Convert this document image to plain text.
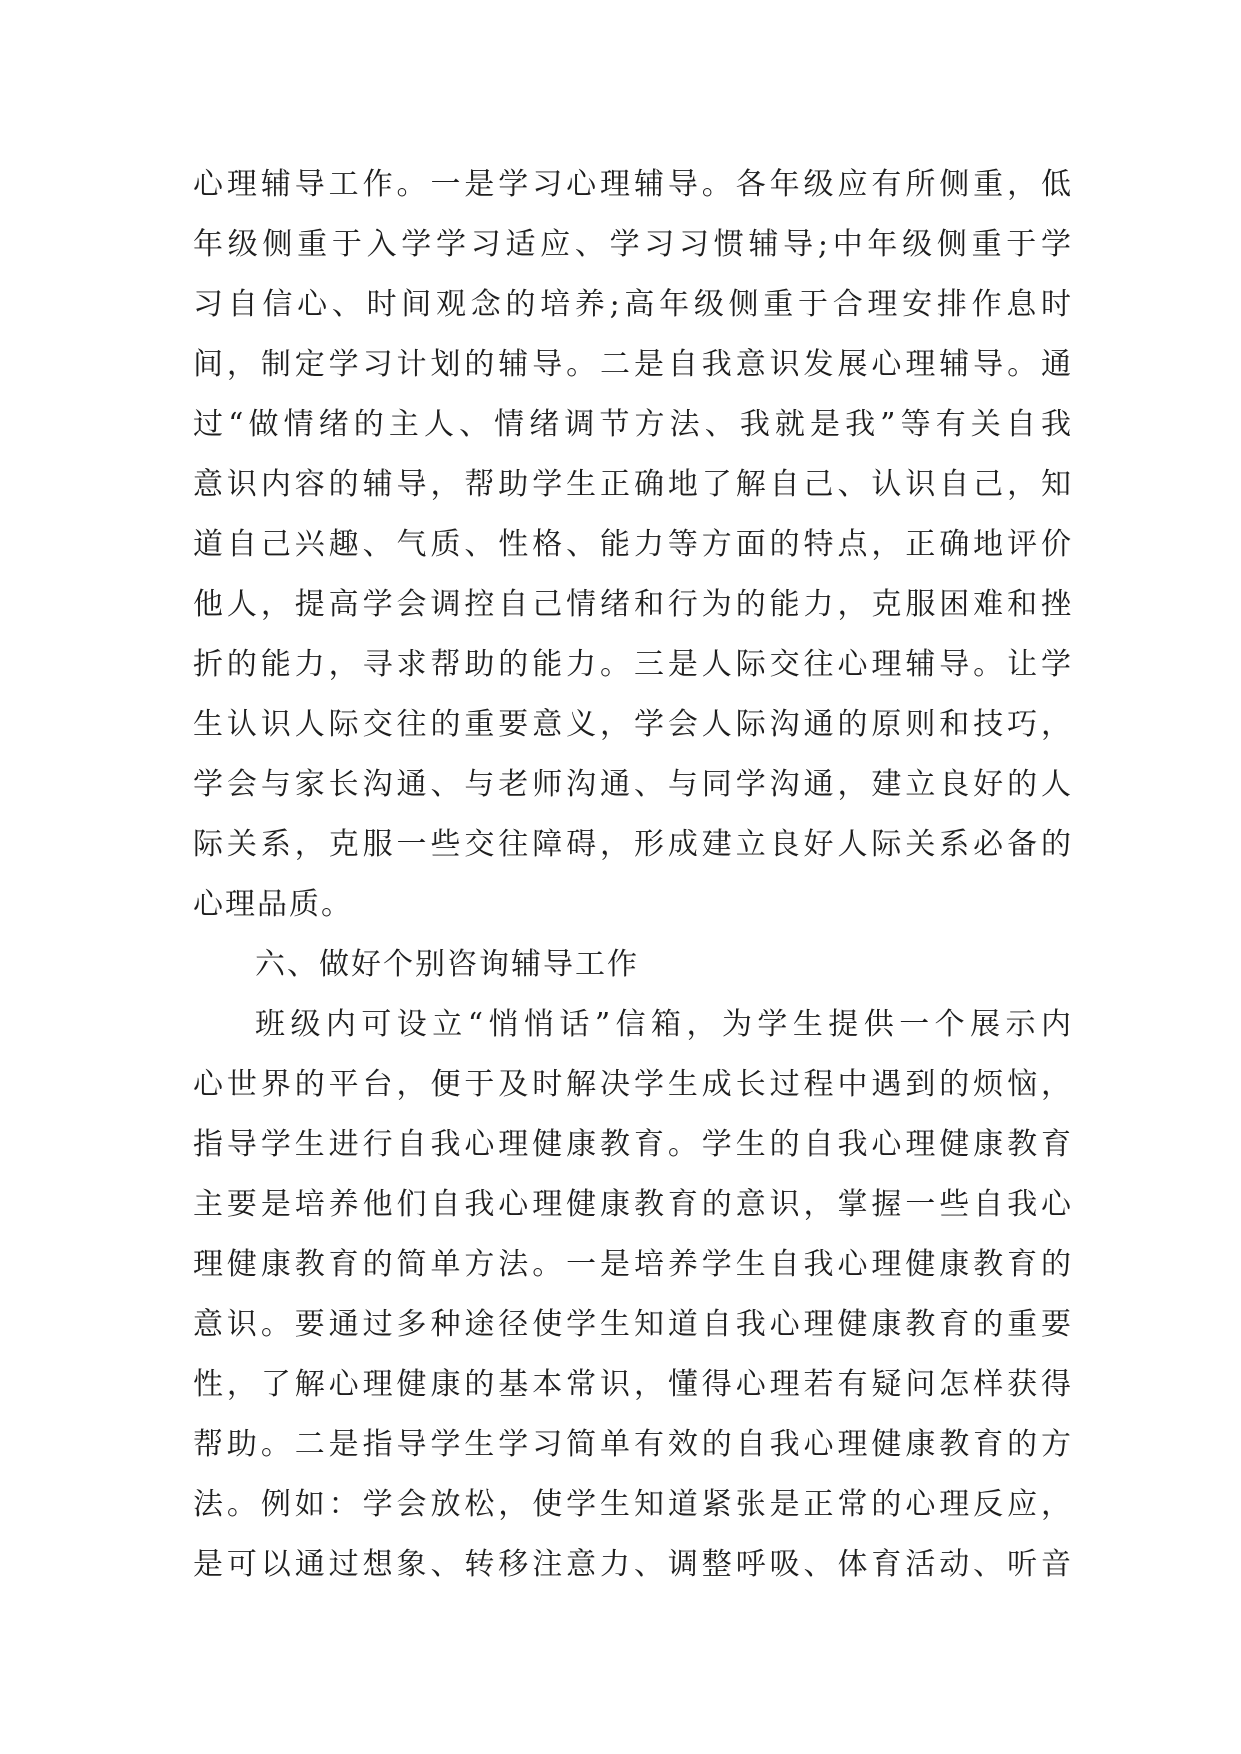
心理辅导工作。一是学习心理辅导。各年级应有所侧重，低
年级侧重于入学学习适应、学习习惯辅导;中年级侧重于学
习自信心、时间观念的培养;高年级侧重于合理安排作息时
间，制定学习计划的辅导。二是自我意识发展心理辅导。通
过“做情绪的主人、情绪调节方法、我就是我”等有关自我
意识内容的辅导，帮助学生正确地了解自己、认识自己，知
道自己兴趣、气质、性格、能力等方面的特点，正确地评价
他人，提高学会调控自己情绪和行为的能力，克服困难和挫
折的能力，寻求帮助的能力。三是人际交往心理辅导。让学
生认识人际交往的重要意义，学会人际沟通的原则和技巧，
学会与家长沟通、与老师沟通、与同学沟通，建立良好的人
际关系，克服一些交往障碍，形成建立良好人际关系必备的
心理品质。
六、做好个别咨询辅导工作
班级内可设立“悄悄话”信箱，为学生提供一个展示内
心世界的平台，便于及时解决学生成长过程中遇到的烦恼，
指导学生进行自我心理健康教育。学生的自我心理健康教育
主要是培养他们自我心理健康教育的意识，掌握一些自我心
理健康教育的简单方法。一是培养学生自我心理健康教育的
意识。要通过多种途径使学生知道自我心理健康教育的重要
性，了解心理健康的基本常识，懂得心理若有疑问怎样获得
帮助。二是指导学生学习简单有效的自我心理健康教育的方
法。例如：学会放松，使学生知道紧张是正常的心理反应，
是可以通过想象、转移注意力、调整呼吸、体育活动、听音
